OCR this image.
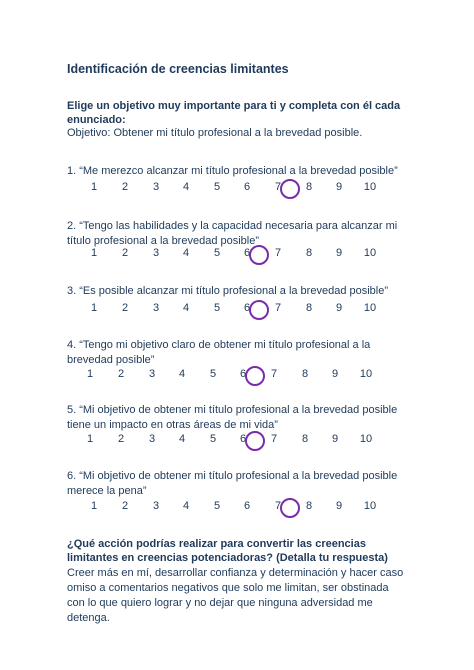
Identificación de creencias limitantes
Elige un objetivo muy importante para ti y completa con él cada enunciado:
Objetivo: Obtener mi título profesional a la brevedad posible.
1. “Me merezco alcanzar mi título profesional a la brevedad posible”
1	2	3	4	5	6	7	8	9	10
2. “Tengo las habilidades y la capacidad necesaria para alcanzar mi título profesional a la brevedad posible”
1	2	3	4	5	6	7	8	9	10
3. “Es posible alcanzar mi título profesional a la brevedad posible”
1	2	3	4	5	6	7	8	9	10
4. “Tengo mi objetivo claro de obtener mi título profesional a la brevedad posible”
1	2	3	4	5	6	7	8	9	10
5. “Mi objetivo de obtener mi título profesional a la brevedad posible tiene un impacto en otras áreas de mi vida”
1	2	3	4	5	6	7	8	9	10
6. “Mi objetivo de obtener mi título profesional a la brevedad posible merece la pena”
1	2	3	4	5	6	7	8	9	10
¿Qué acción podrías realizar para convertir las creencias limitantes en creencias potenciadoras? (Detalla tu respuesta)
Creer más en mí, desarrollar confianza y determinación y hacer caso omiso a comentarios negativos que solo me limitan, ser obstinada con lo que quiero lograr y no dejar que ninguna adversidad me detenga.
